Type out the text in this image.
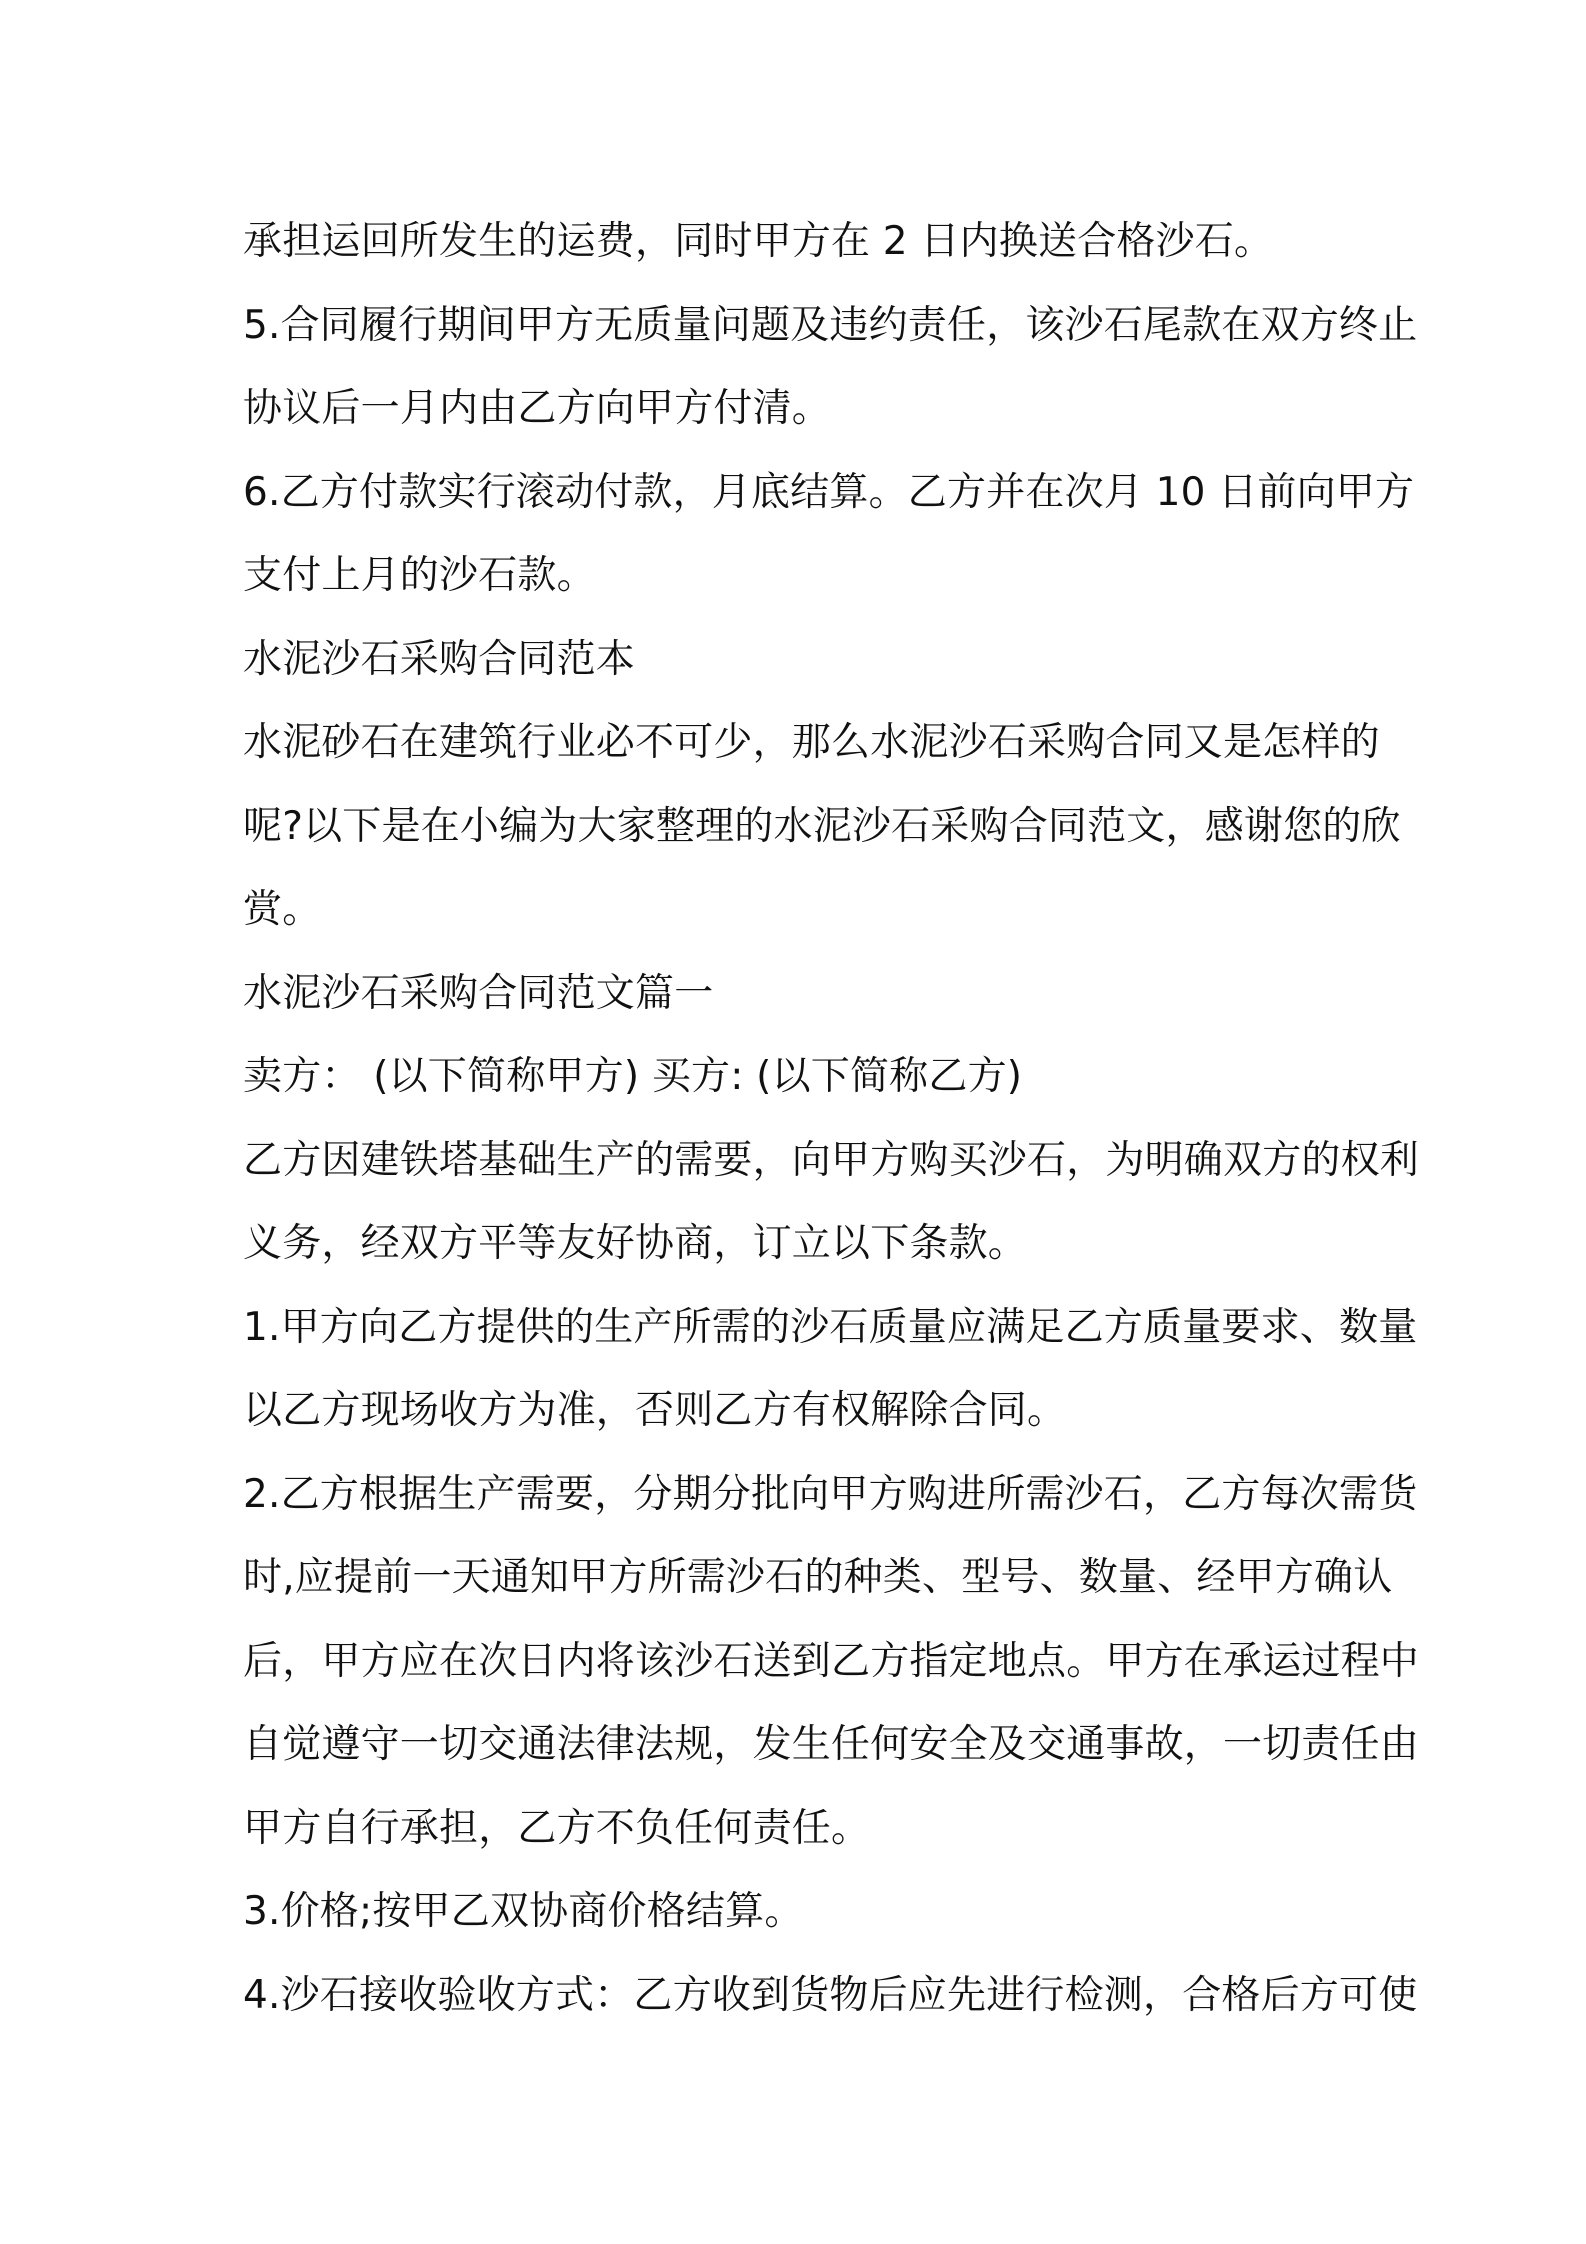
承担运回所发生的运费，同时甲方在 2 日内换送合格沙石。
5.合同履行期间甲方无质量问题及违约责任，该沙石尾款在双方终止
协议后一月内由乙方向甲方付清。
6.乙方付款实行滚动付款，月底结算。乙方并在次月 10 日前向甲方
支付上月的沙石款。
水泥沙石采购合同范本
水泥砂石在建筑行业必不可少，那么水泥沙石采购合同又是怎样的
呢?以下是在小编为大家整理的水泥沙石采购合同范文，感谢您的欣
赏。
水泥沙石采购合同范文篇一
卖方： (以下简称甲方) 买方: (以下简称乙方)
乙方因建铁塔基础生产的需要，向甲方购买沙石，为明确双方的权利
义务，经双方平等友好协商，订立以下条款。
1.甲方向乙方提供的生产所需的沙石质量应满足乙方质量要求、数量
以乙方现场收方为准，否则乙方有权解除合同。
2.乙方根据生产需要，分期分批向甲方购进所需沙石，乙方每次需货
时,应提前一天通知甲方所需沙石的种类、型号、数量、经甲方确认
后，甲方应在次日内将该沙石送到乙方指定地点。甲方在承运过程中
自觉遵守一切交通法律法规，发生任何安全及交通事故，一切责任由
甲方自行承担，乙方不负任何责任。
3.价格;按甲乙双协商价格结算。
4.沙石接收验收方式：乙方收到货物后应先进行检测，合格后方可使
